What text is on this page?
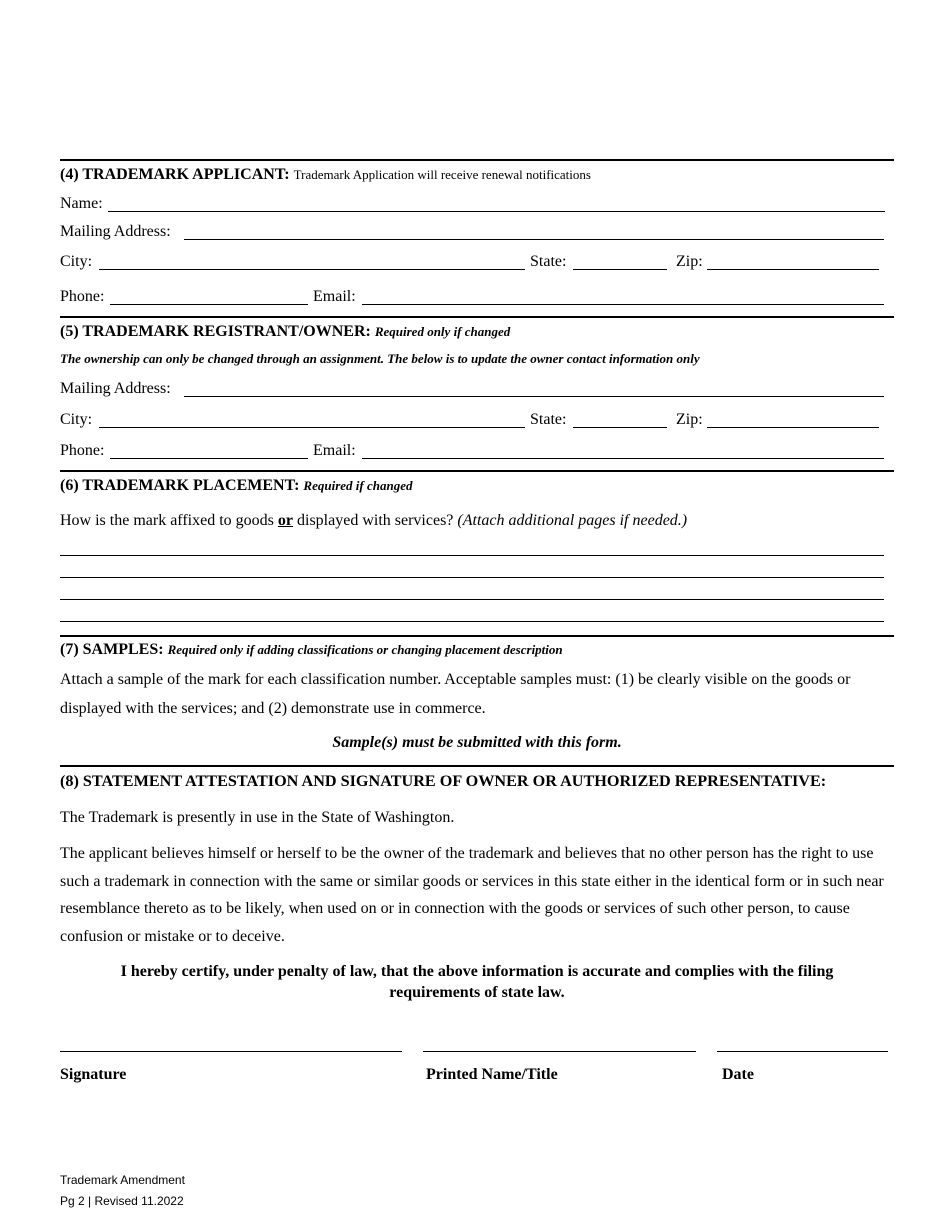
(4) TRADEMARK APPLICANT: Trademark Application will receive renewal notifications
Name:
Mailing Address:
City:	State:	Zip:
Phone:	Email:
(5) TRADEMARK REGISTRANT/OWNER: Required only if changed
The ownership can only be changed through an assignment. The below is to update the owner contact information only
Mailing Address:
City:	State:	Zip:
Phone:	Email:
(6) TRADEMARK PLACEMENT: Required if changed
How is the mark affixed to goods or displayed with services? (Attach additional pages if needed.)
(7) SAMPLES: Required only if adding classifications or changing placement description
Attach a sample of the mark for each classification number. Acceptable samples must: (1) be clearly visible on the goods or displayed with the services; and (2) demonstrate use in commerce.
Sample(s) must be submitted with this form.
(8) STATEMENT ATTESTATION AND SIGNATURE OF OWNER OR AUTHORIZED REPRESENTATIVE:
The Trademark is presently in use in the State of Washington.
The applicant believes himself or herself to be the owner of the trademark and believes that no other person has the right to use such a trademark in connection with the same or similar goods or services in this state either in the identical form or in such near resemblance thereto as to be likely, when used on or in connection with the goods or services of such other person, to cause confusion or mistake or to deceive.
I hereby certify, under penalty of law, that the above information is accurate and complies with the filing requirements of state law.
Signature	Printed Name/Title	Date
Trademark Amendment
Pg 2 | Revised 11.2022
